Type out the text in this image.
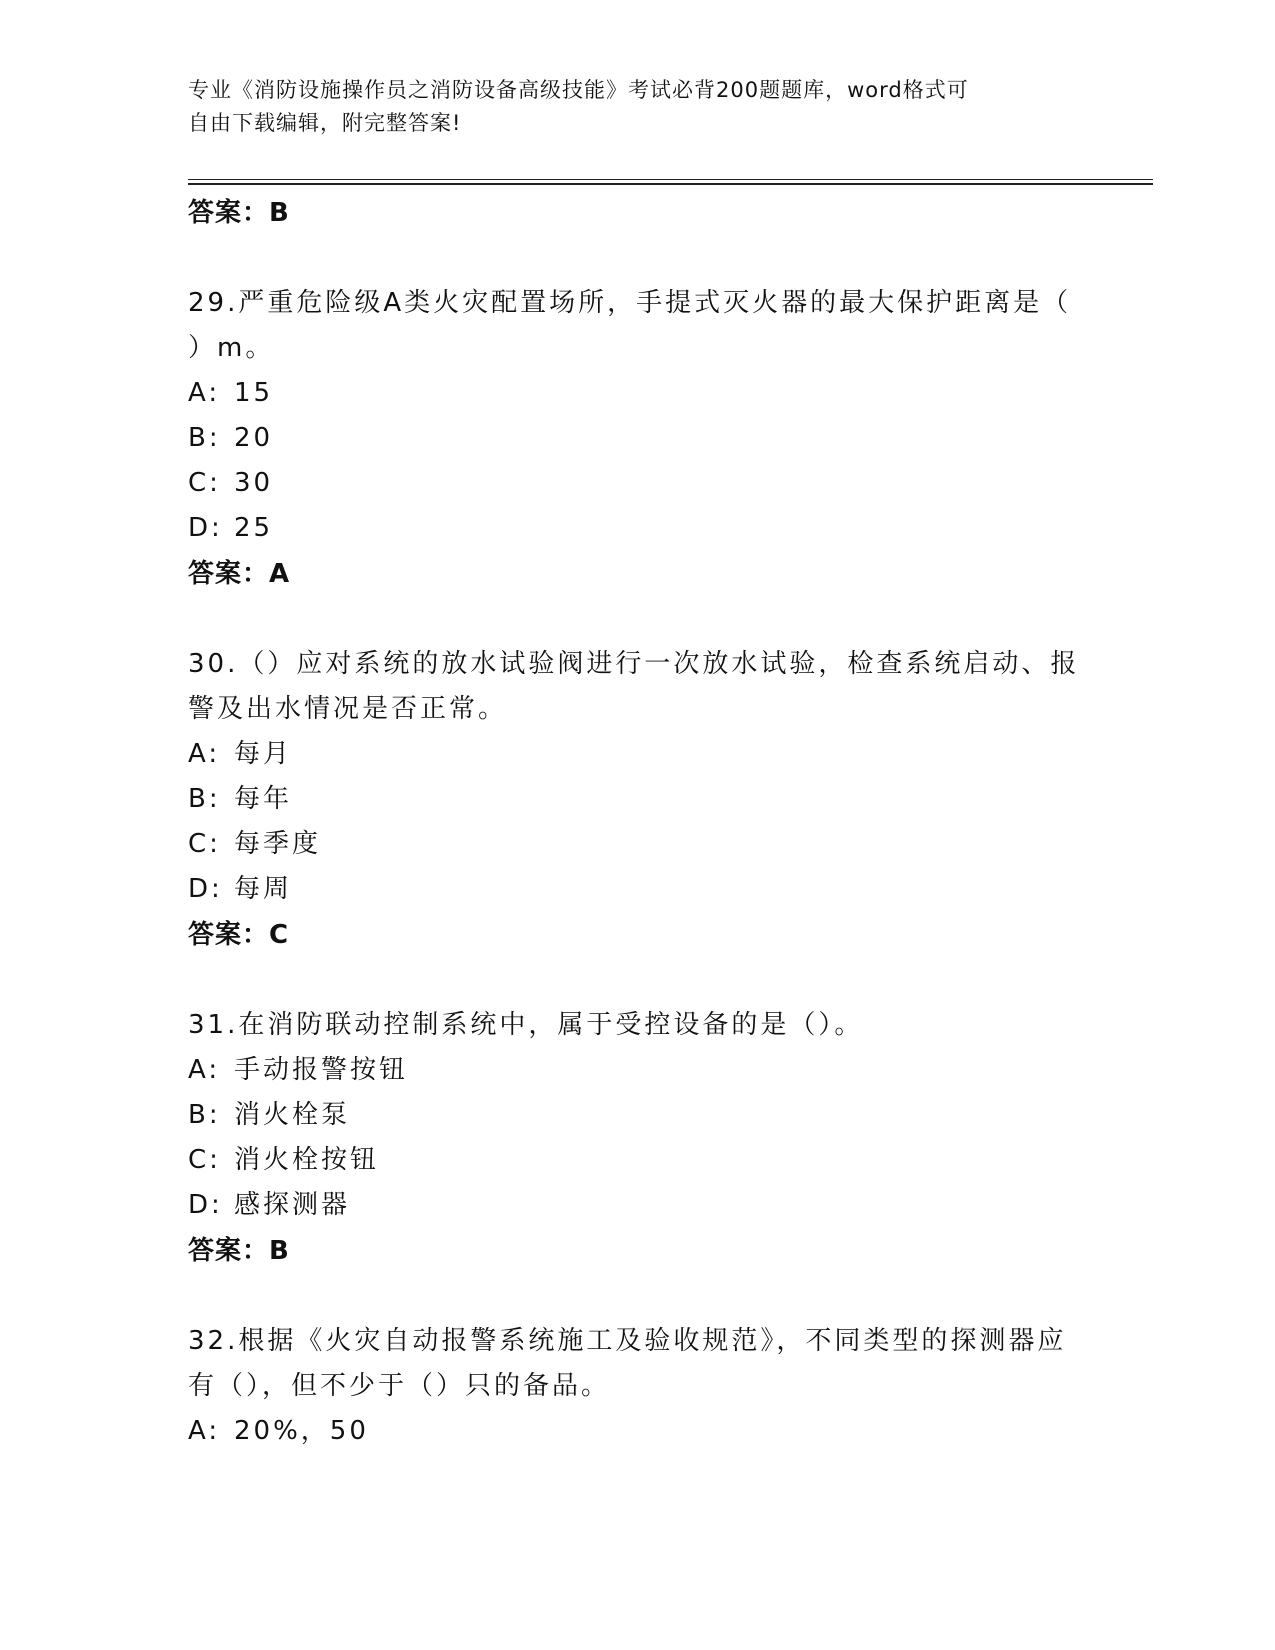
专业《消防设施操作员之消防设备高级技能》考试必背200题题库，word格式可
自由下载编辑，附完整答案!
答案：B
29.严重危险级A类火灾配置场所，手提式灭火器的最大保护距离是（
）m。
A: 15
B: 20
C: 30
D: 25
答案：A
30.（）应对系统的放水试验阀进行一次放水试验，检查系统启动、报
警及出水情况是否正常。
A: 每月
B: 每年
C: 每季度
D: 每周
答案：C
31.在消防联动控制系统中，属于受控设备的是（）。
A: 手动报警按钮
B: 消火栓泵
C: 消火栓按钮
D: 感探测器
答案：B
32.根据《火灾自动报警系统施工及验收规范》，不同类型的探测器应
有（），但不少于（）只的备品。
A: 20%，50
